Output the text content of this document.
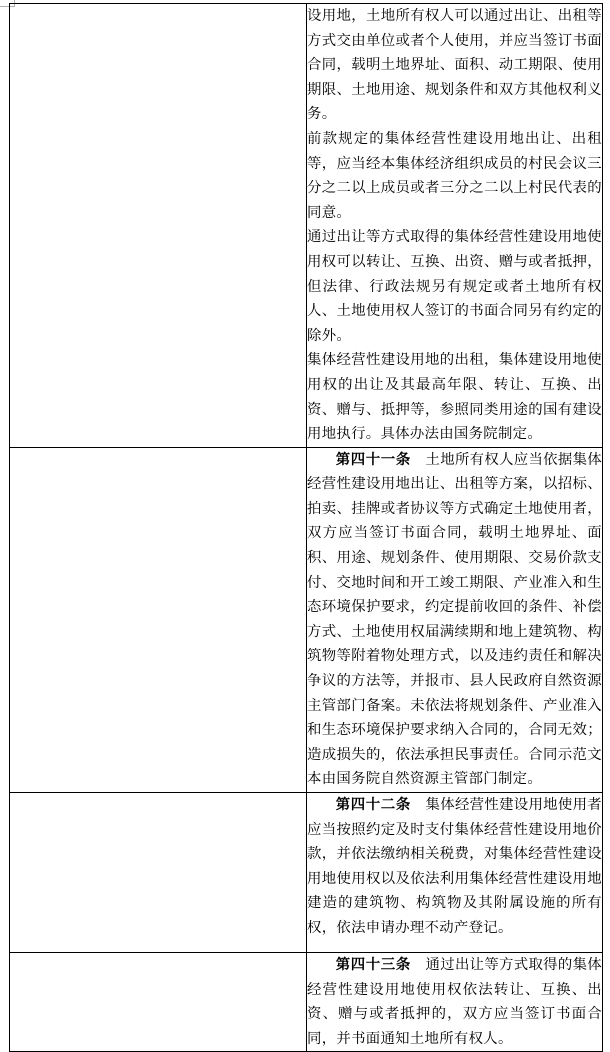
	设用地，土地所有权人可以通过出让、出租等方式交由单位或者个人使用，并应当签订书面合同，载明土地界址、面积、动工期限、使用期限、土地用途、规划条件和双方其他权利义务。

前款规定的集体经营性建设用地出让、出租等，应当经本集体经济组织成员的村民会议三分之二以上成员或者三分之二以上村民代表的同意。

通过出让等方式取得的集体经营性建设用地使用权可以转让、互换、出资、赠与或者抵押，但法律、行政法规另有规定或者土地所有权人、土地使用权人签订的书面合同另有约定的除外。

集体经营性建设用地的出租，集体建设用地使用权的出让及其最高年限、转让、互换、出资、赠与、抵押等，参照同类用途的国有建设用地执行。具体办法由国务院制定。

	第四十一条　 土地所有权人应当依据集体经营性建设用地出让、出租等方案，以招标、拍卖、挂牌或者协议等方式确定土地使用者，双方应当签订书面合同，载明土地界址、面积、用途、规划条件、使用期限、交易价款支付、交地时间和开工竣工期限、产业准入和生态环境保护要求，约定提前收回的条件、补偿方式、土地使用权届满续期和地上建筑物、构筑物等附着物处理方式，以及违约责任和解决争议的方法等，并报市、县人民政府自然资源主管部门备案。未依法将规划条件、产业准入和生态环境保护要求纳入合同的，合同无效；造成损失的，依法承担民事责任。合同示范文本由国务院自然资源主管部门制定。

	第四十二条　 集体经营性建设用地使用者应当按照约定及时支付集体经营性建设用地价款，并依法缴纳相关税费，对集体经营性建设用地使用权以及依法利用集体经营性建设用地建造的建筑物、构筑物及其附属设施的所有权，依法申请办理不动产登记。

	第四十三条　 通过出让等方式取得的集体经营性建设用地使用权依法转让、互换、出资、赠与或者抵押的，双方应当签订书面合同，并书面通知土地所有权人。
